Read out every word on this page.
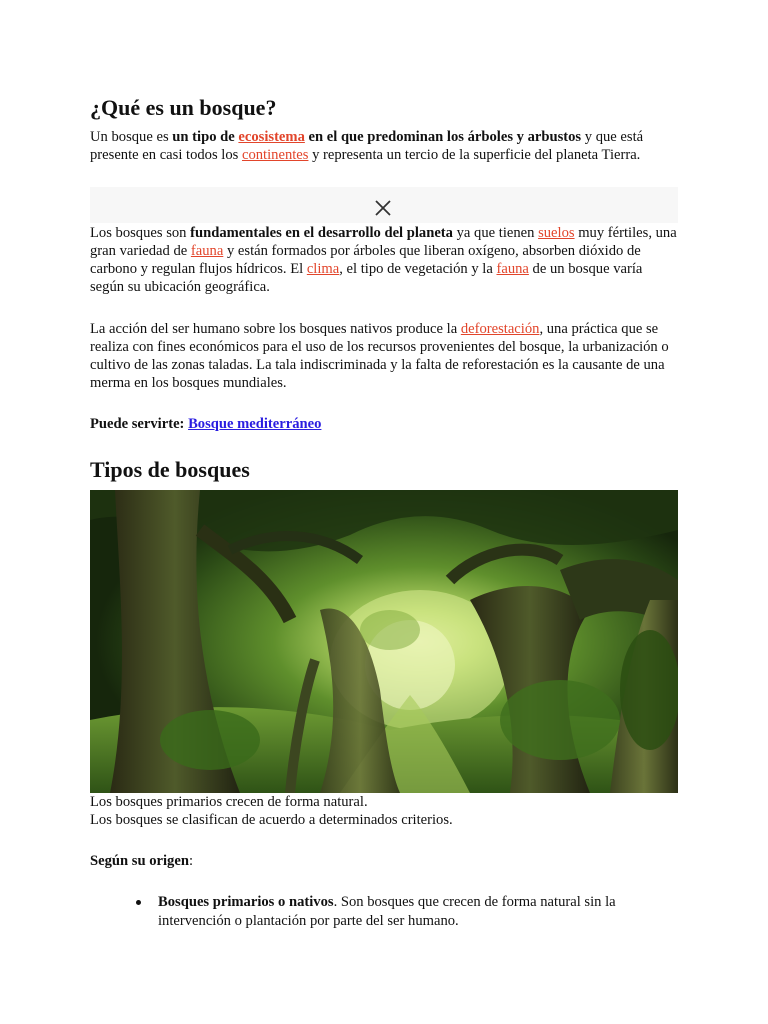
¿Qué es un bosque?

Un bosque es un tipo de ecosistema en el que predominan los árboles y arbustos y que está presente en casi todos los continentes y representa un tercio de la superficie del planeta Tierra.

Los bosques son fundamentales en el desarrollo del planeta ya que tienen suelos muy fértiles, una gran variedad de fauna y están formados por árboles que liberan oxígeno, absorben dióxido de carbono y regulan flujos hídricos. El clima, el tipo de vegetación y la fauna de un bosque varía según su ubicación geográfica.

La acción del ser humano sobre los bosques nativos produce la deforestación, una práctica que se realiza con fines económicos para el uso de los recursos provenientes del bosque, la urbanización o cultivo de las zonas taladas. La tala indiscriminada y la falta de reforestación es la causante de una merma en los bosques mundiales.

Puede servirte: Bosque mediterráneo

Tipos de bosques

Los bosques primarios crecen de forma natural.

Los bosques se clasifican de acuerdo a determinados criterios.

Según su origen:

Bosques primarios o nativos. Son bosques que crecen de forma natural sin la intervención o plantación por parte del ser humano.
